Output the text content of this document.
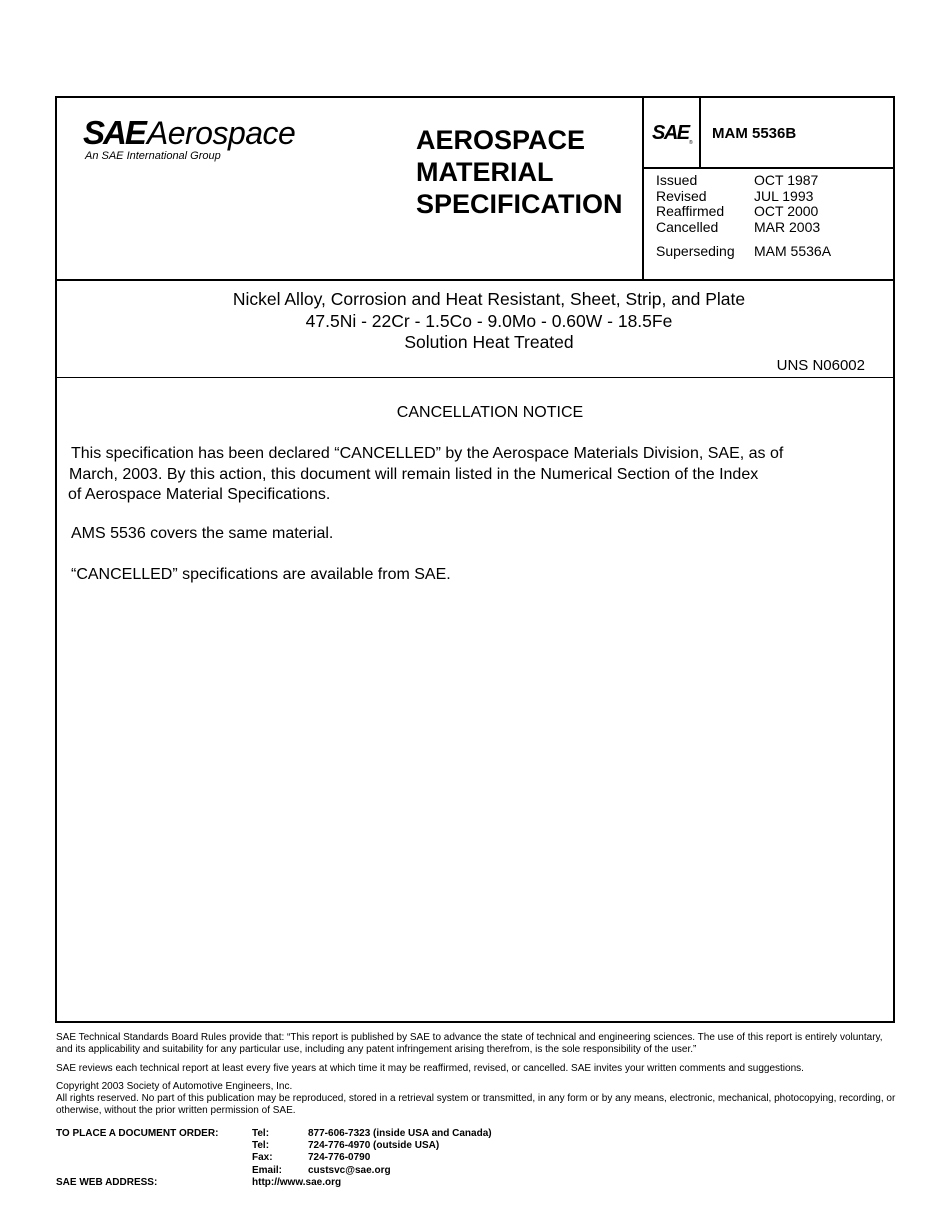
SAE Aerospace
An SAE International Group
AEROSPACE
MATERIAL
SPECIFICATION
SAE ®
MAM 5536B
Issued	OCT 1987
Revised	JUL 1993
Reaffirmed	OCT 2000
Cancelled	MAR 2003
Superseding	MAM 5536A
Nickel Alloy, Corrosion and Heat Resistant, Sheet, Strip, and Plate
47.5Ni - 22Cr - 1.5Co - 9.0Mo - 0.60W - 18.5Fe
Solution Heat Treated
UNS N06002
CANCELLATION NOTICE
This specification has been declared “CANCELLED” by the Aerospace Materials Division, SAE, as of
March, 2003. By this action, this document will remain listed in the Numerical Section of the Index
of Aerospace Material Specifications.
AMS 5536 covers the same material.
“CANCELLED” specifications are available from SAE.

SAE Technical Standards Board Rules provide that: “This report is published by SAE to advance the state of technical and engineering sciences. The use of this report is entirely voluntary, and its applicability and suitability for any particular use, including any patent infringement arising therefrom, is the sole responsibility of the user.”

SAE reviews each technical report at least every five years at which time it may be reaffirmed, revised, or cancelled. SAE invites your written comments and suggestions.

Copyright 2003 Society of Automotive Engineers, Inc.
All rights reserved. No part of this publication may be reproduced, stored in a retrieval system or transmitted, in any form or by any means, electronic, mechanical, photocopying, recording, or otherwise, without the prior written permission of SAE.
TO PLACE A DOCUMENT ORDER:	Tel:	877-606-7323 (inside USA and Canada)
Tel:	724-776-4970 (outside USA)
Fax:	724-776-0790
Email:	custsvc@sae.org
SAE WEB ADDRESS:	http://www.sae.org
